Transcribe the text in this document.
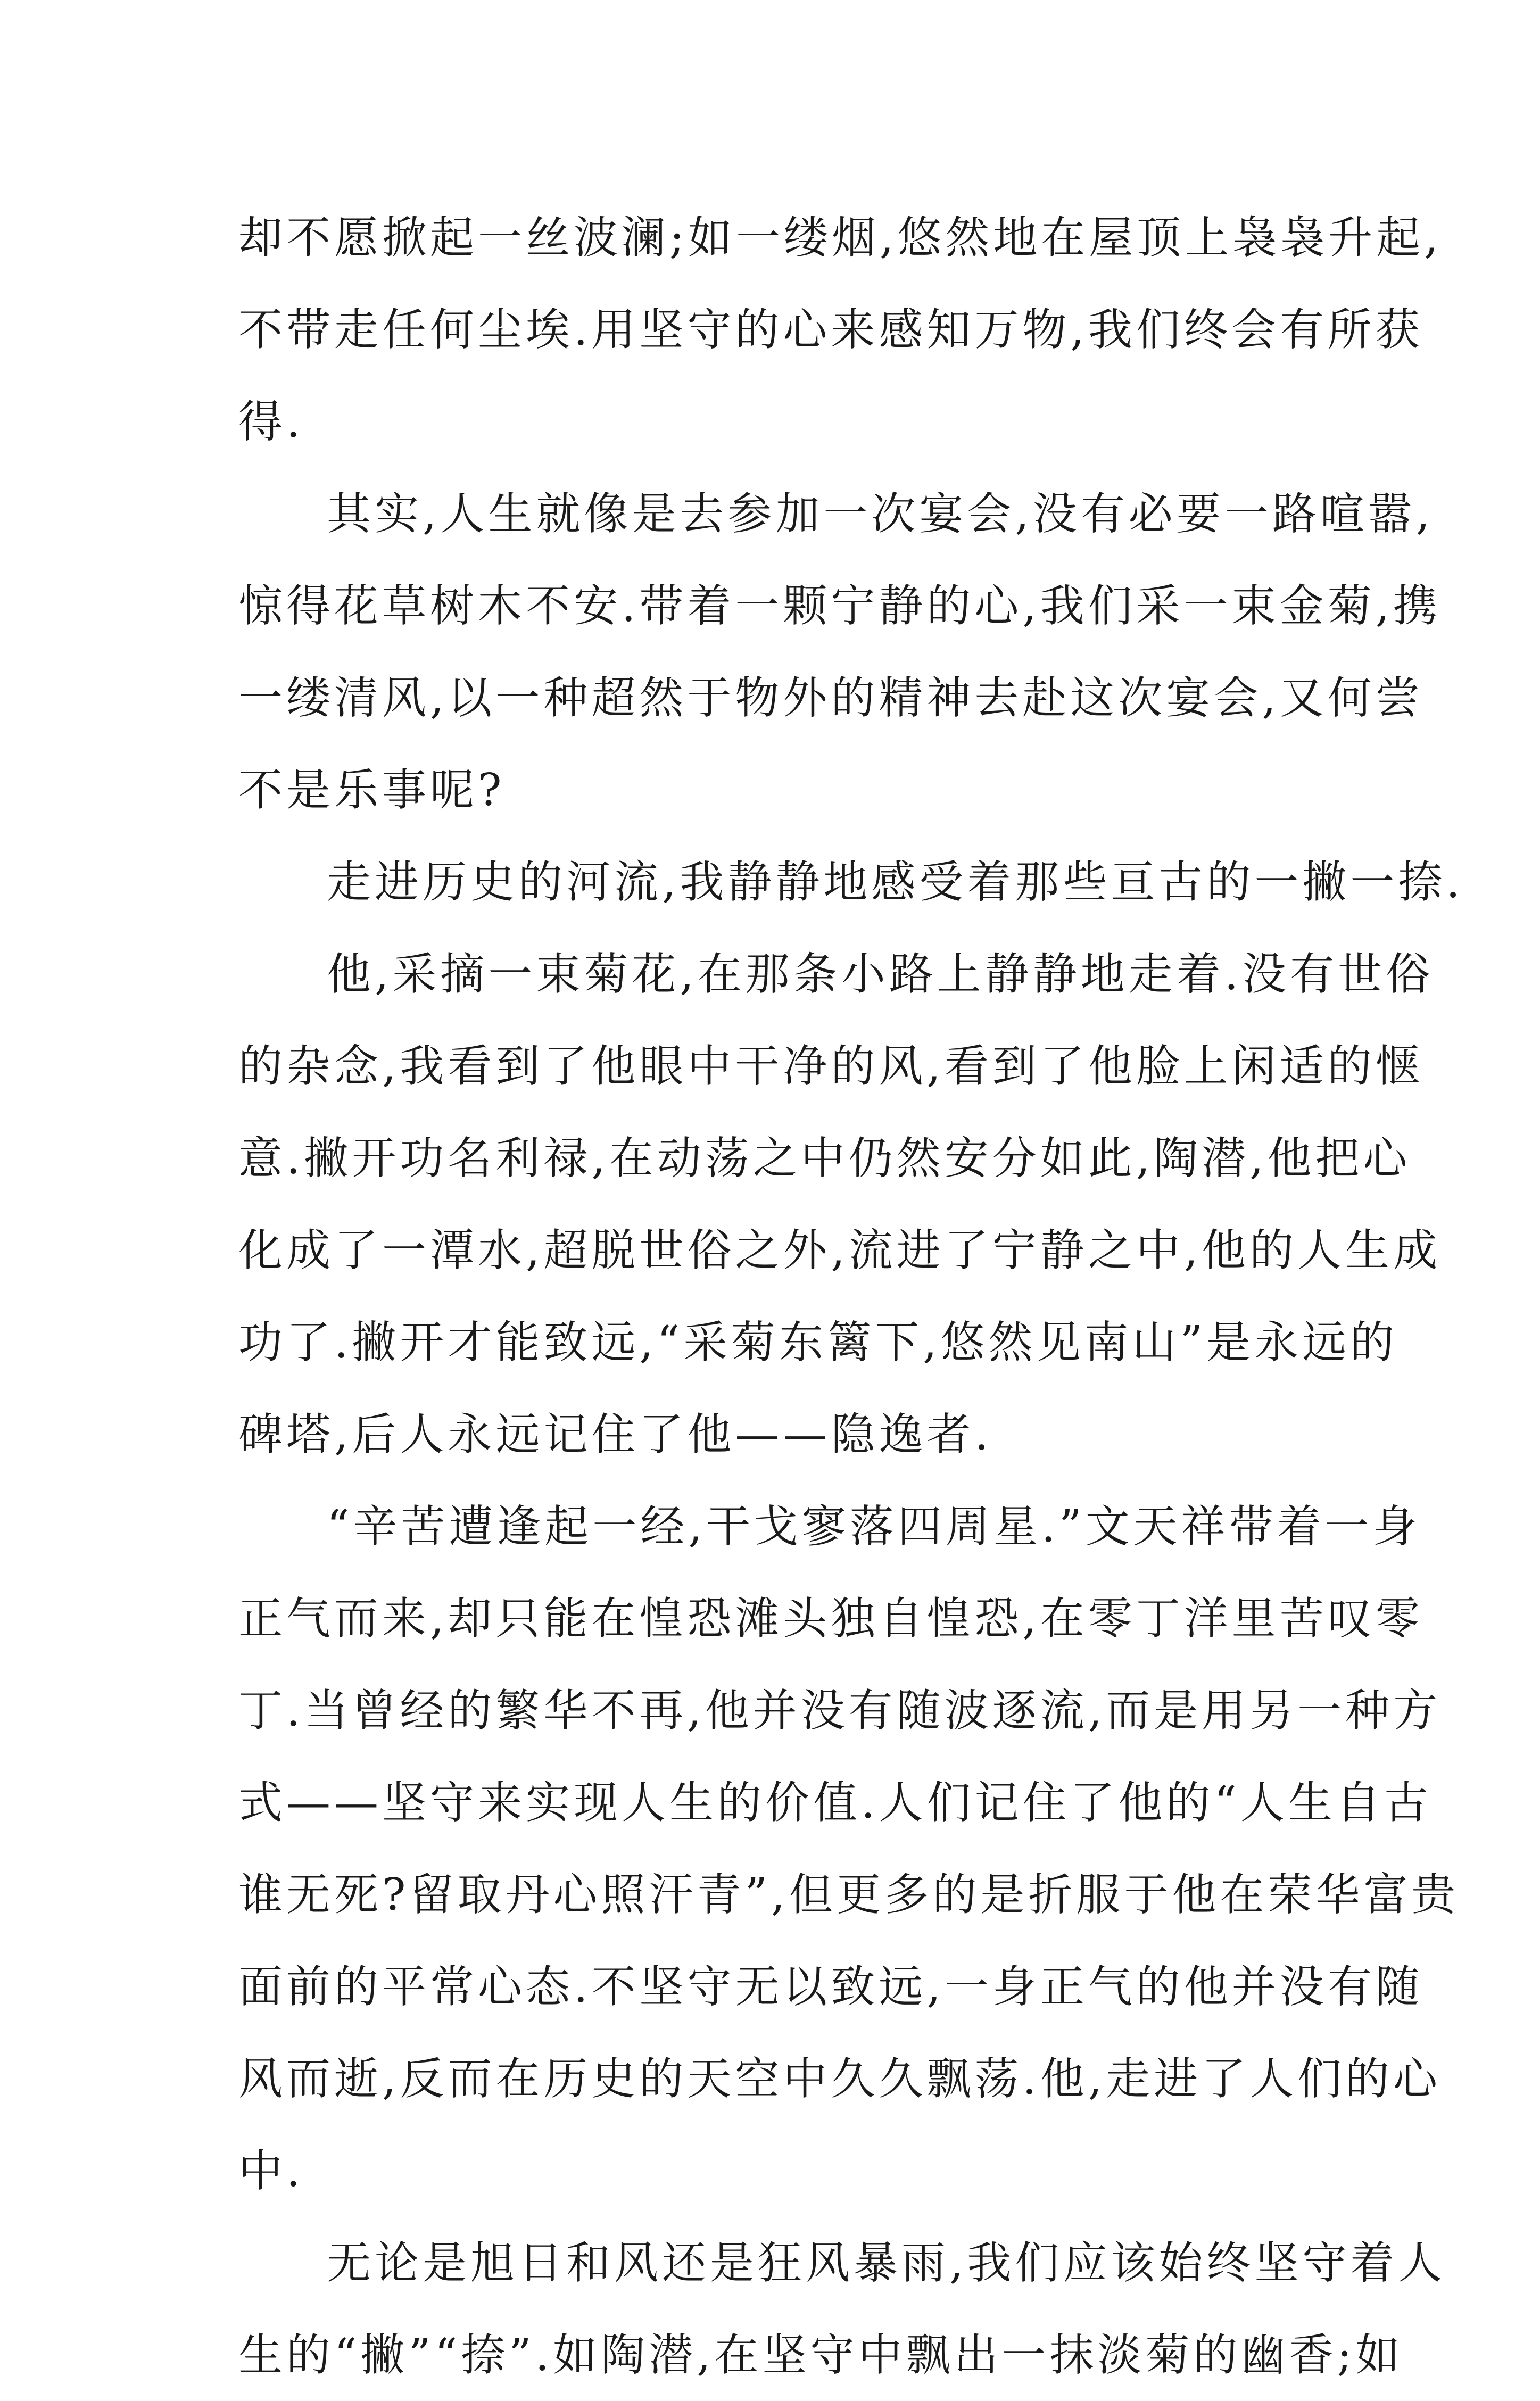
却不愿掀起一丝波澜;如一缕烟,悠然地在屋顶上袅袅升起,
不带走任何尘埃.用坚守的心来感知万物,我们终会有所获
得.
其实,人生就像是去参加一次宴会,没有必要一路喧嚣,
惊得花草树木不安.带着一颗宁静的心,我们采一束金菊,携
一缕清风,以一种超然于物外的精神去赴这次宴会,又何尝
不是乐事呢?
走进历史的河流,我静静地感受着那些亘古的一撇一捺.
他,采摘一束菊花,在那条小路上静静地走着.没有世俗
的杂念,我看到了他眼中干净的风,看到了他脸上闲适的惬
意.撇开功名利禄,在动荡之中仍然安分如此,陶潜,他把心
化成了一潭水,超脱世俗之外,流进了宁静之中,他的人生成
功了.撇开才能致远,“采菊东篱下,悠然见南山”是永远的
碑塔,后人永远记住了他——隐逸者.
“辛苦遭逢起一经,干戈寥落四周星.”文天祥带着一身
正气而来,却只能在惶恐滩头独自惶恐,在零丁洋里苦叹零
丁.当曾经的繁华不再,他并没有随波逐流,而是用另一种方
式——坚守来实现人生的价值.人们记住了他的“人生自古
谁无死?留取丹心照汗青”,但更多的是折服于他在荣华富贵
面前的平常心态.不坚守无以致远,一身正气的他并没有随
风而逝,反而在历史的天空中久久飘荡.他,走进了人们的心
中.
无论是旭日和风还是狂风暴雨,我们应该始终坚守着人
生的“撇”“捺”.如陶潜,在坚守中飘出一抹淡菊的幽香;如
